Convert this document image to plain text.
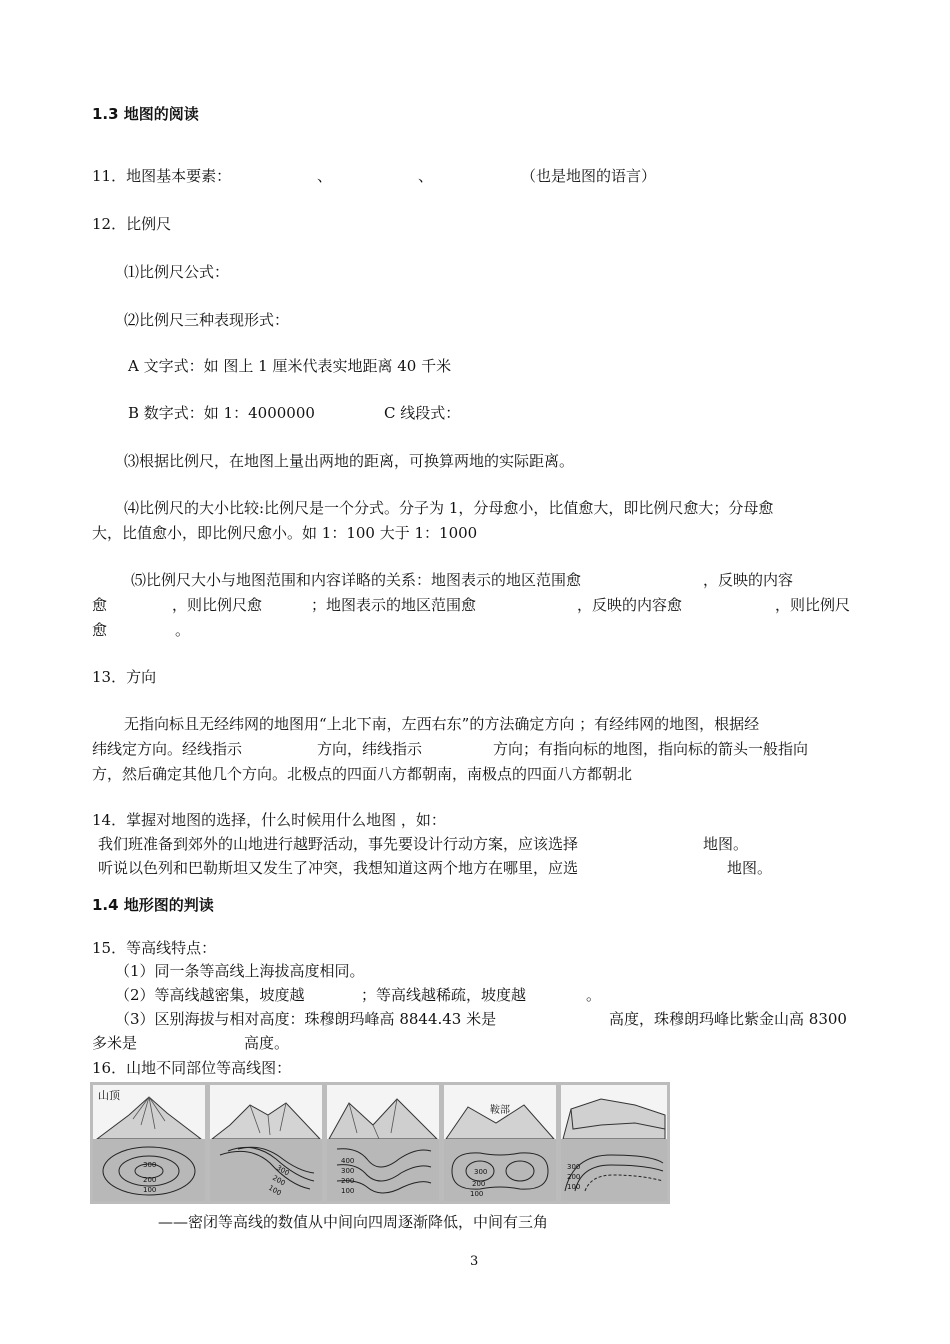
1.3 地图的阅读
11．地图基本要素：	、	、	（也是地图的语言）
12．比例尺
⑴比例尺公式：
⑵比例尺三种表现形式：
A 文字式：如 图上 1 厘米代表实地距离 40 千米
B 数字式：如 1：4000000	C 线段式：
⑶根据比例尺，在地图上量出两地的距离，可换算两地的实际距离。
⑷比例尺的大小比较:比例尺是一个分式。分子为 1，分母愈小，比值愈大，即比例尺愈大；分母愈
大，比值愈小，即比例尺愈小。如 1：100 大于 1：1000
⑸比例尺大小与地图范围和内容详略的关系：地图表示的地区范围愈	，反映的内容
愈	，则比例尺愈	；地图表示的地区范围愈	，反映的内容愈	，则比例尺
愈	。
13．方向
无指向标且无经纬网的地图用“上北下南，左西右东”的方法确定方向 ；有经纬网的地图，根据经
纬线定方向。经线指示	方向，纬线指示	方向；有指向标的地图，指向标的箭头一般指向
方，然后确定其他几个方向。北极点的四面八方都朝南，南极点的四面八方都朝北
14．掌握对地图的选择，什么时候用什么地图 ，如：
我们班准备到郊外的山地进行越野活动，事先要设计行动方案，应该选择	地图。
听说以色列和巴勒斯坦又发生了冲突，我想知道这两个地方在哪里，应选	地图。
1.4 地形图的判读
15．等高线特点：
（1）同一条等高线上海拔高度相同。
（2）等高线越密集，坡度越	；等高线越稀疏，坡度越	。
（3）区别海拔与相对高度：珠穆朗玛峰高 8844.43 米是	高度，珠穆朗玛峰比紫金山高 8300
多米是	高度。
16．山地不同部位等高线图：
山顶
300
200
100
300
200
100
400
300
200
100
鞍部
300
200
100
300
200
100
——密闭等高线的数值从中间向四周逐渐降低，中间有三角
3
